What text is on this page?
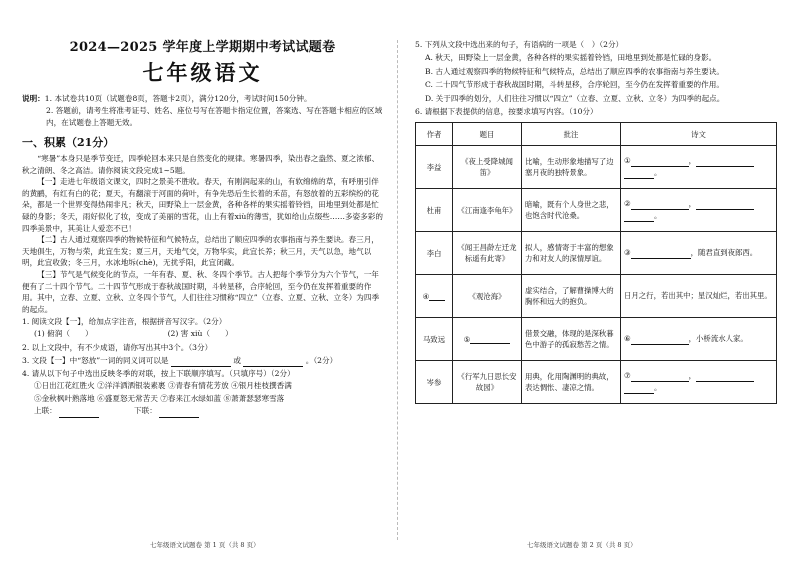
2024—2025 学年度上学期期中考试试题卷
七年级语文

说明：1. 本试卷共10页（试题卷8页，答题卡2页），满分120分，考试时间150分钟。

2. 答题前，请考生将准考证号、姓名、座位号写在答题卡指定位置，答案选、写在答题卡相应的区域内，在试题卷上答题无效。

一、积累（21分）

“寒暑”本身只是季节变迁，四季轮回本来只是自然变化的规律。寒暑四季，染出春之盎然、夏之浓郁、秋之清朗、冬之高洁。请你阅读文段完成1~5题。

【一】走进七年级语文课文，四时之景美不胜收。春天，有刚润起来的山，有软绵绵的草，有呼朋引伴的黄鹂，有红有白的花；夏天，有翻滚于河面的荷叶，有争先恐后生长着的禾苗，有怒放着的五彩缤纷的花朵，都是一个世界变得热闹非凡；秋天，田野染上一层金黄，各种各样的果实摇着铃铛，田地里到处都是忙碌的身影；冬天，雨好似化了妆，变成了美丽的雪花，山上有着xiù的薄雪，犹如给山点缀些……多姿多彩的四季美景中，其美让人爱恋不已！

【二】古人通过观察四季的物候特征和气候特点，总结出了顺应四季的农事指南与养生要诀。春三月，天地俱生，万物与荣，此宜生发；夏三月，天地气交，万物华实，此宜长养；秋三月，天气以急，地气以明，此宜收敛；冬三月，水冰地坼(chè)，无扰乎阳，此宜闭藏。

【三】节气是气候变化的节点，一年有春、夏、秋、冬四个季节。古人把每个季节分为六个节气，一年便有了二十四个节气。二十四节气形成于春秋战国时期，斗转星移，合序轮回，至今仍在发挥着重要的作用。其中，立春、立夏、立秋、立冬四个节气，人们往往习惯称“四立”（立春、立夏、立秋、立冬）为四季的起点。

1. 阅读文段【一】，给加点字注音，根据拼音写汉字。（2分）

(1) 俯润（　　）	(2) 害 xiù（　　）

2. 以上文段中，有不少成语，请你写出其中3个。（3分）

3. 文段【一】中“怒放”一词的同义词可以是	或	。（2分）

4. 请从以下句子中选出反映冬季的对联，按上下联顺序填写。（只填序号）（2分）

①日出江花红胜火 ②洋洋洒洒银装素裹 ③青春有情花芳放 ④银月桂枝撰香满

⑤金秋枫叶熟落地 ⑥盛夏怒无常苦天 ⑦春来江水绿如蓝 ⑧萧萧瑟瑟寒雪落

上联：	下联：

七年级语文试题卷 第 1 页（共 8 页）

5. 下列从文段中选出来的句子，有语病的一项是（　）（2分）

A. 秋天，田野染上一层金黄，各种各样的果实摇着铃铛，田地里到处都是忙碌的身影。

B. 古人通过观察四季的物候特征和气候特点，总结出了顺应四季的农事指南与养生要诀。

C. 二十四气节形成于春秋战国时期，斗转星移，合序轮回，至今仍在发挥着重要的作用。

D. 关于四季的划分，人们往往习惯以“四立”（立春、立夏、立秋、立冬）为四季的起点。

6. 请根据下表提供的信息，按要求填写内容。（10分）

作者	题目	批注	诗文
李益	《夜上受降城闻笛》	比喻，生动形象地描写了边塞月夜的独特景象。	① ，
。
杜甫	《江南逢李龟年》	暗喻，既有个人身世之悲，也饱含时代沧桑。	② ，
。
李白	《闻王昌龄左迁龙标遥有此寄》	拟人，感情寄于丰富的想象力和对友人的深情厚谊。	③ ，随君直到夜郎西。
④	《观沧海》	虚实结合，了解曹操博大的胸怀和远大的抱负。	日月之行，若出其中；星汉灿烂，若出其里。
马致远	⑤	借景交融，体现的是深秋暮色中游子的孤寂愁苦之情。	⑥ ，小桥流水人家。
岑参	《行军九日思长安故园》	用典，化用陶渊明的典故，表达惆怅、凄凉之情。	⑦ ，
。
七年级语文试题卷 第 2 页（共 8 页）
